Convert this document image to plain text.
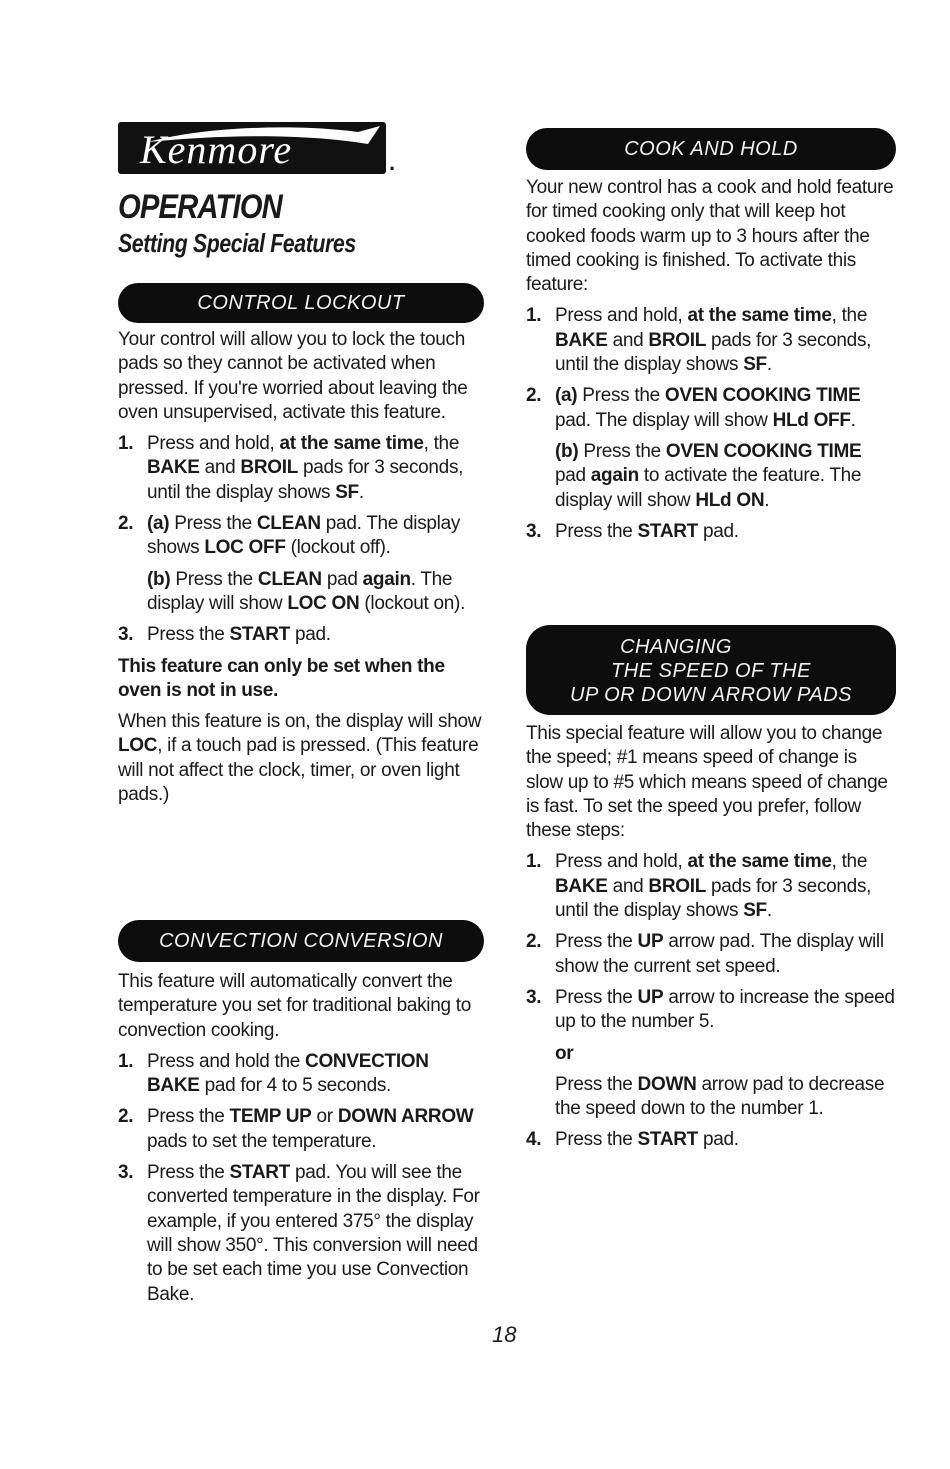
Kenmore	.
OPERATION
Setting Special Features
CONTROL LOCKOUT

Your control will allow you to lock the touch pads so they cannot be activated when pressed. If you're worried about leaving the oven unsupervised, activate this feature.

1. Press and hold, at the same time, the BAKE and BROIL pads for 3 seconds, until the display shows SF.

2. (a) Press the CLEAN pad. The display shows LOC OFF (lockout off).

(b) Press the CLEAN pad again. The display will show LOC ON (lockout on).

3. Press the START pad.

This feature can only be set when the oven is not in use.

When this feature is on, the display will show LOC, if a touch pad is pressed. (This feature will not affect the clock, timer, or oven light pads.)

CONVECTION CONVERSION

This feature will automatically convert the temperature you set for traditional baking to convection cooking.

1. Press and hold the CONVECTION BAKE pad for 4 to 5 seconds.

2. Press the TEMP UP or DOWN ARROW pads to set the temperature.

3. Press the START pad. You will see the converted temperature in the display. For example, if you entered 375° the display will show 350°. This conversion will need to be set each time you use Convection Bake.

COOK AND HOLD

Your new control has a cook and hold feature for timed cooking only that will keep hot cooked foods warm up to 3 hours after the timed cooking is finished. To activate this feature:

1. Press and hold, at the same time, the BAKE and BROIL pads for 3 seconds, until the display shows SF.

2. (a) Press the OVEN COOKING TIME pad. The display will show HLd OFF.

(b) Press the OVEN COOKING TIME pad again to activate the feature. The display will show HLd ON.

3. Press the START pad.

CHANGING
THE SPEED OF THE
UP OR DOWN ARROW PADS

This special feature will allow you to change the speed; #1 means speed of change is slow up to #5 which means speed of change is fast. To set the speed you prefer, follow these steps:

1. Press and hold, at the same time, the BAKE and BROIL pads for 3 seconds, until the display shows SF.

2. Press the UP arrow pad. The display will show the current set speed.

3. Press the UP arrow to increase the speed up to the number 5.

or

Press the DOWN arrow pad to decrease the speed down to the number 1.

4. Press the START pad.

18
